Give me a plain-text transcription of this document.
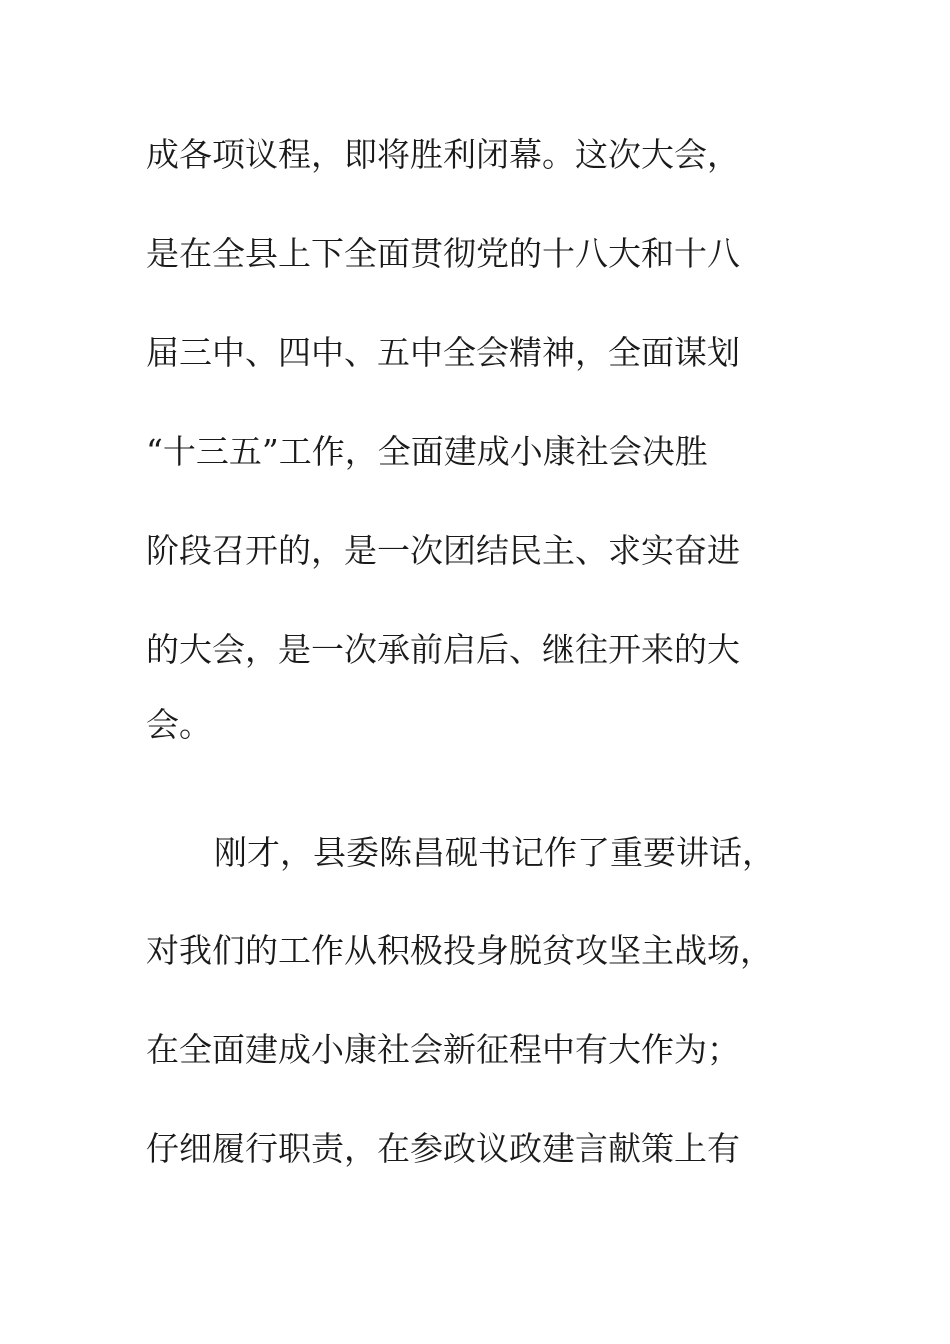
成各项议程，即将胜利闭幕。这次大会，
是在全县上下全面贯彻党的十八大和十八
届三中、四中、五中全会精神，全面谋划
“十三五”工作，全面建成小康社会决胜
阶段召开的，是一次团结民主、求实奋进
的大会，是一次承前启后、继往开来的大
会。
刚才，县委陈昌砚书记作了重要讲话，
对我们的工作从积极投身脱贫攻坚主战场，
在全面建成小康社会新征程中有大作为；
仔细履行职责，在参政议政建言献策上有
